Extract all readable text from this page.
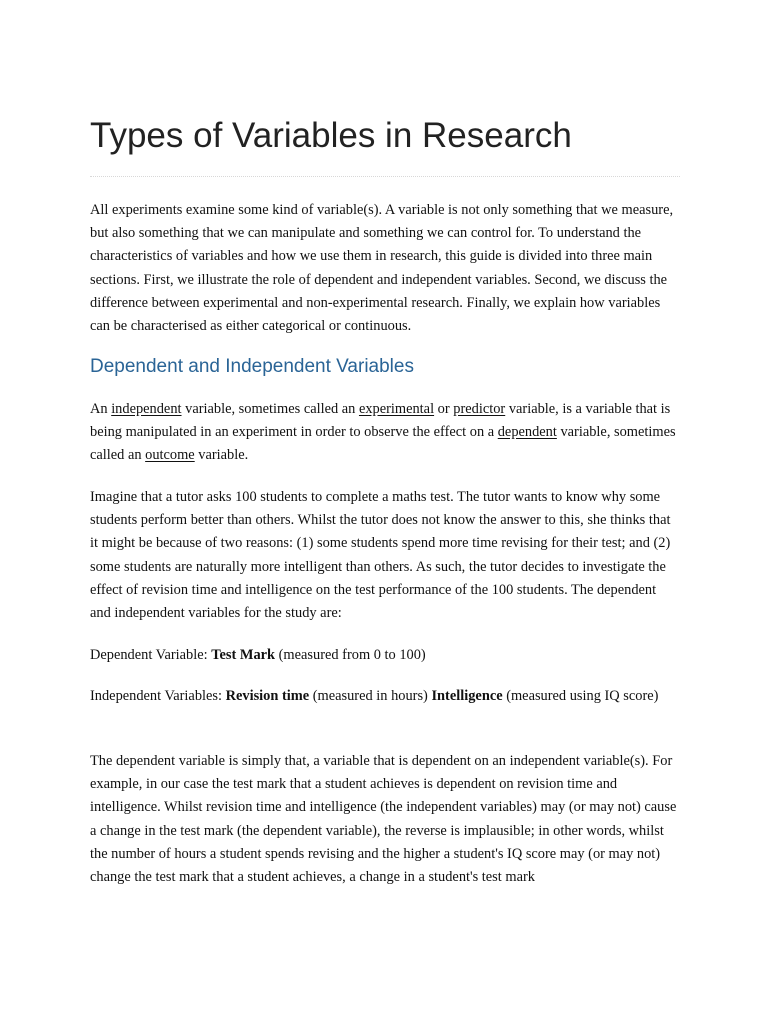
Types of Variables in Research

All experiments examine some kind of variable(s). A variable is not only something that we measure, but also something that we can manipulate and something we can control for. To understand the characteristics of variables and how we use them in research, this guide is divided into three main sections. First, we illustrate the role of dependent and independent variables. Second, we discuss the difference between experimental and non-experimental research. Finally, we explain how variables can be characterised as either categorical or continuous.

Dependent and Independent Variables

An independent variable, sometimes called an experimental or predictor variable, is a variable that is being manipulated in an experiment in order to observe the effect on a dependent variable, sometimes called an outcome variable.

Imagine that a tutor asks 100 students to complete a maths test. The tutor wants to know why some students perform better than others. Whilst the tutor does not know the answer to this, she thinks that it might be because of two reasons: (1) some students spend more time revising for their test; and (2) some students are naturally more intelligent than others. As such, the tutor decides to investigate the effect of revision time and intelligence on the test performance of the 100 students. The dependent and independent variables for the study are:

Dependent Variable: Test Mark (measured from 0 to 100)

Independent Variables: Revision time (measured in hours) Intelligence (measured using IQ score)

The dependent variable is simply that, a variable that is dependent on an independent variable(s). For example, in our case the test mark that a student achieves is dependent on revision time and intelligence. Whilst revision time and intelligence (the independent variables) may (or may not) cause a change in the test mark (the dependent variable), the reverse is implausible; in other words, whilst the number of hours a student spends revising and the higher a student's IQ score may (or may not) change the test mark that a student achieves, a change in a student's test mark
